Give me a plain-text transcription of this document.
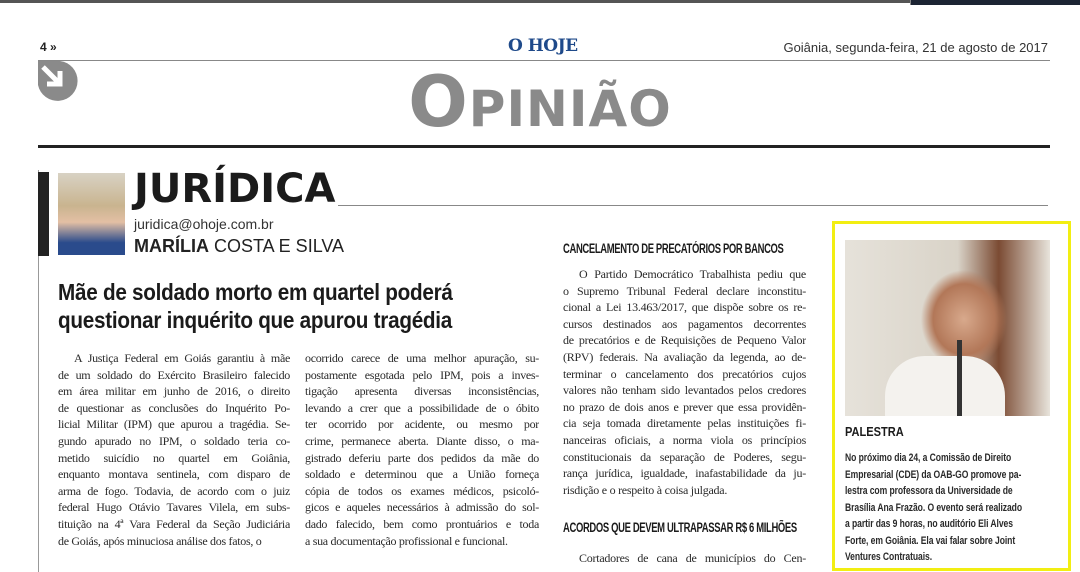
4 »	O HOJE	Goiânia, segunda-feira, 21 de agosto de 2017
OPINIÃO
JURÍDICA
juridica@ohoje.com.br
MARÍLIA COSTA E SILVA
Mãe de soldado morto em quartel poderá questionar inquérito que apurou tragédia
A Justiça Federal em Goiás garantiu à mãe
de um soldado do Exército Brasileiro falecido
em área militar em junho de 2016, o direito
de questionar as conclusões do Inquérito Po-
licial Militar (IPM) que apurou a tragédia. Se-
gundo apurado no IPM, o soldado teria co-
metido suicídio no quartel em Goiânia,
enquanto montava sentinela, com disparo de
arma de fogo. Todavia, de acordo com o juiz
federal Hugo Otávio Tavares Vilela, em subs-
tituição na 4ª Vara Federal da Seção Judiciária
de Goiás, após minuciosa análise dos fatos, o
ocorrido carece de uma melhor apuração, su-
postamente esgotada pelo IPM, pois a inves-
tigação apresenta diversas inconsistências,
levando a crer que a possibilidade de o óbito
ter ocorrido por acidente, ou mesmo por
crime, permanece aberta. Diante disso, o ma-
gistrado deferiu parte dos pedidos da mãe do
soldado e determinou que a União forneça
cópia de todos os exames médicos, psicoló-
gicos e aqueles necessários à admissão do sol-
dado falecido, bem como prontuários e toda
a sua documentação profissional e funcional.
CANCELAMENTO DE PRECATÓRIOS POR BANCOS
O Partido Democrático Trabalhista pediu que
o Supremo Tribunal Federal declare inconstitu-
cional a Lei 13.463/2017, que dispõe sobre os re-
cursos destinados aos pagamentos decorrentes
de precatórios e de Requisições de Pequeno Valor
(RPV) federais. Na avaliação da legenda, ao de-
terminar o cancelamento dos precatórios cujos
valores não tenham sido levantados pelos credores
no prazo de dois anos e prever que essa providên-
cia seja tomada diretamente pelas instituições fi-
nanceiras oficiais, a norma viola os princípios
constitucionais da separação de Poderes, segu-
rança jurídica, igualdade, inafastabilidade da ju-
risdição e o respeito à coisa julgada.
ACORDOS QUE DEVEM ULTRAPASSAR R$ 6 MILHÕES
Cortadores de cana de municípios do Cen-
PALESTRA
No próximo dia 24, a Comissão de Direito
Empresarial (CDE) da OAB-GO promove pa-
lestra com professora da Universidade de
Brasília Ana Frazão. O evento será realizado
a partir das 9 horas, no auditório Eli Alves
Forte, em Goiânia. Ela vai falar sobre Joint
Ventures Contratuais.
